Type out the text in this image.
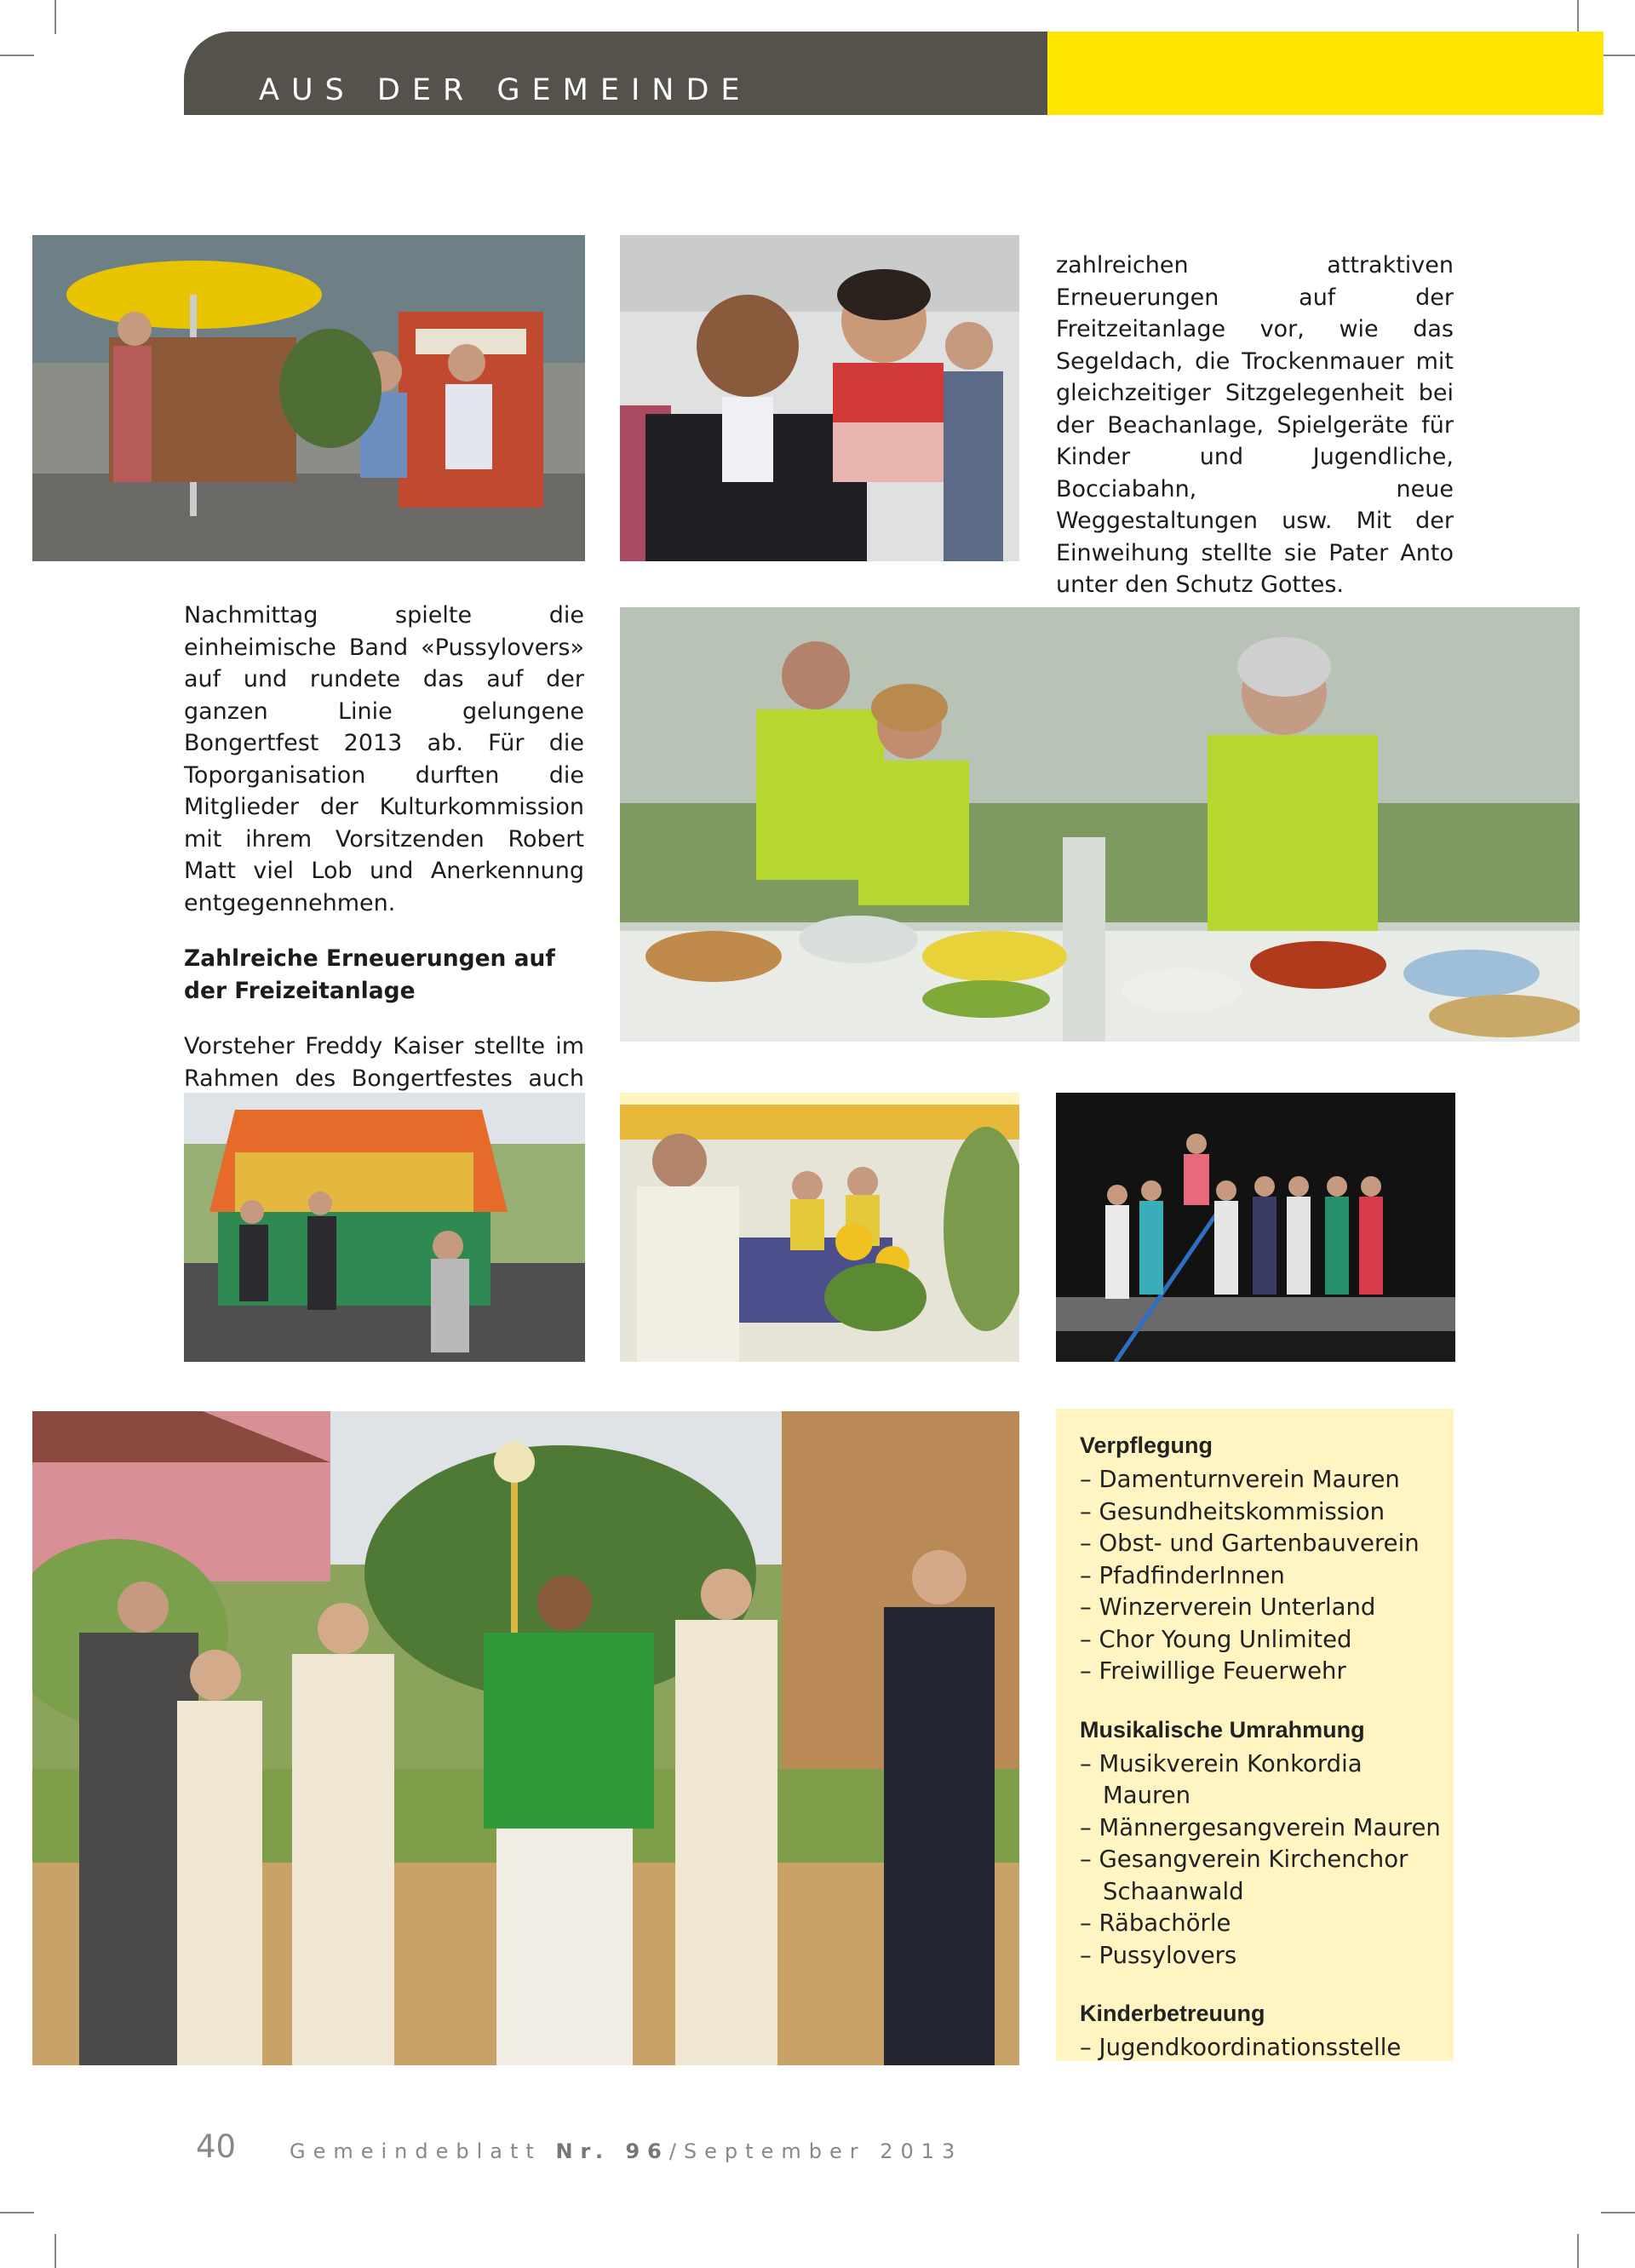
AUS DER GEMEINDE

zahlreichen attraktiven Erneuerungen auf der Freitzeitanlage vor, wie das Segeldach, die Trockenmauer mit gleichzeitiger Sitzgelegenheit bei der Beachanlage, Spielgeräte für Kinder und Jugendliche, Bocciabahn, neue Weggestaltungen usw. Mit der Einweihung stellte sie Pater Anto unter den Schutz Gottes.

Nachmittag spielte die einheimische Band «Pussylovers» auf und rundete das auf der ganzen Linie gelungene Bongertfest 2013 ab. Für die Toporganisation durften die Mitglieder der Kulturkommission mit ihrem Vorsitzenden Robert Matt viel Lob und Anerkennung entgegennehmen.

Zahlreiche Erneuerungen auf der Freizeitanlage

Vorsteher Freddy Kaiser stellte im Rahmen des Bongertfestes auch

Verpflegung
– Damenturnverein Mauren
– Gesundheitskommission
– Obst- und Gartenbauverein
– PfadfinderInnen
– Winzerverein Unterland
– Chor Young Unlimited
– Freiwillige Feuerwehr
Musikalische Umrahmung
– Musikverein Konkordia Mauren
– Männergesangverein Mauren
– Gesangverein Kirchenchor Schaanwald
– Räbachörle
– Pussylovers
Kinderbetreuung
– Jugendkoordinationsstelle
40	Gemeindeblatt Nr. 96/September 2013
